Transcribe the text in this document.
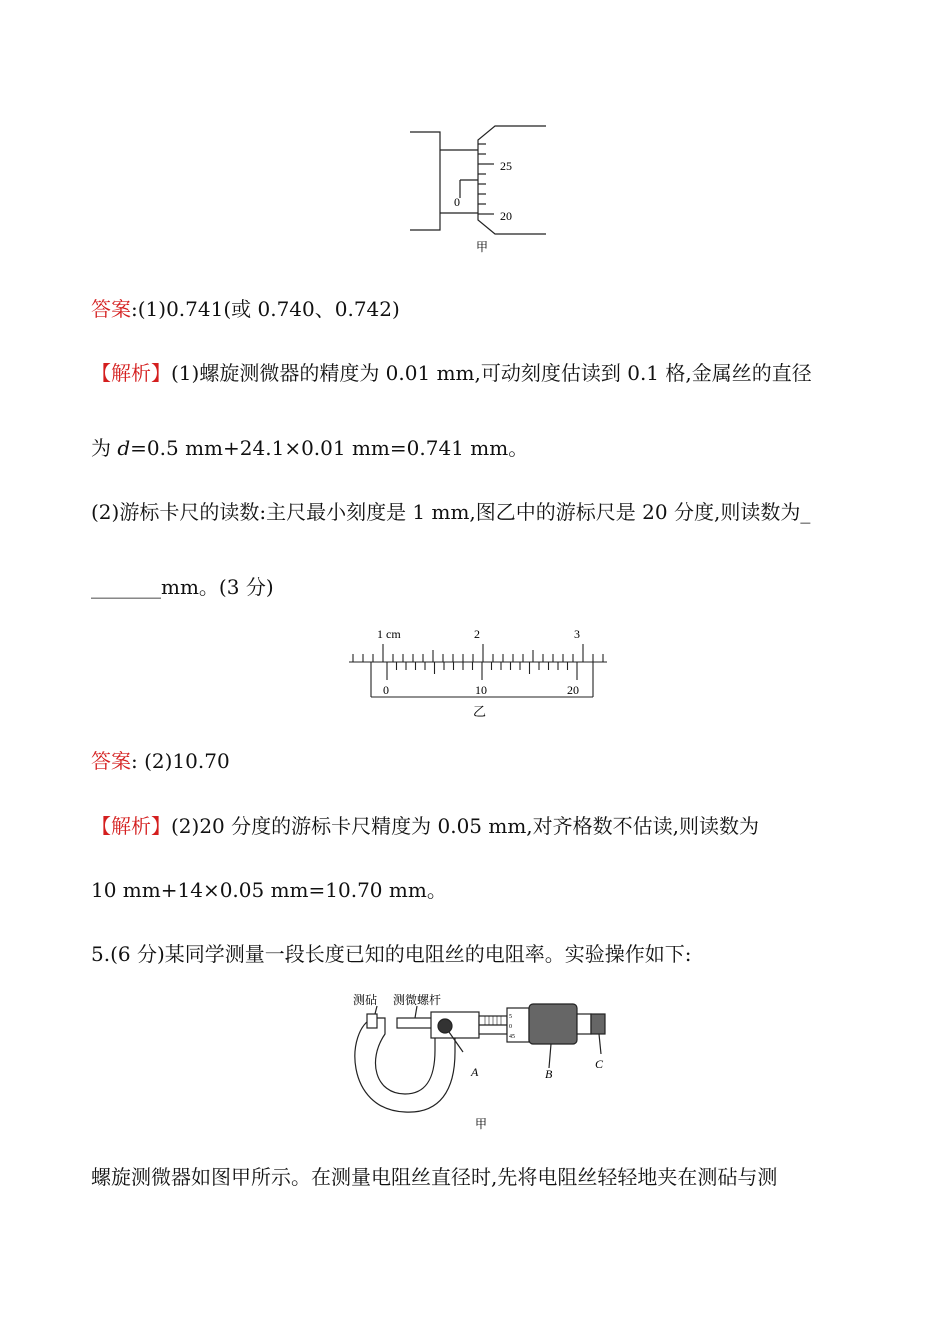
25
20
0
甲
答案:(1)0.741(或 0.740、0.742)
【解析】(1)螺旋测微器的精度为 0.01 mm,可动刻度估读到 0.1 格,金属丝的直径
为 d=0.5 mm+24.1×0.01 mm=0.741 mm。
(2)游标卡尺的读数:主尺最小刻度是 1 mm,图乙中的游标尺是 20 分度,则读数为_
_______mm。(3 分)
1 cm	2	3
0	10	20
乙
答案: (2)10.70
【解析】(2)20 分度的游标卡尺精度为 0.05 mm,对齐格数不估读,则读数为
10 mm+14×0.05 mm=10.70 mm。
5.(6 分)某同学测量一段长度已知的电阻丝的电阻率。实验操作如下:
测砧 测微螺杆
A	B
C
5
0
45
甲
螺旋测微器如图甲所示。在测量电阻丝直径时,先将电阻丝轻轻地夹在测砧与测
